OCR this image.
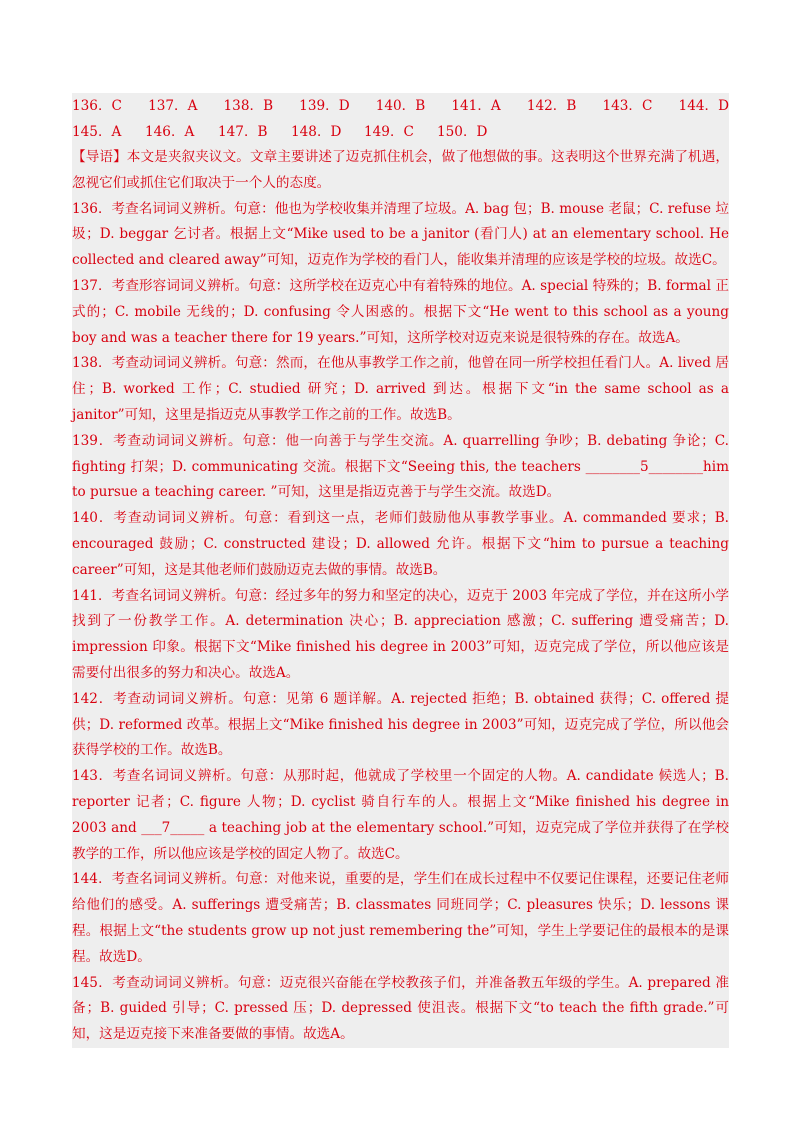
136．C 137．A 138．B 139．D 140．B 141．A 142．B 143．C 144．D
145．A	146．A	147．B	148．D	149．C	150．D

【导语】本文是夹叙夹议文。文章主要讲述了迈克抓住机会，做了他想做的事。这表明这个世界充满了机遇，忽视它们或抓住它们取决于一个人的态度。

136．考查名词词义辨析。句意：他也为学校收集并清理了垃圾。A. bag 包；B. mouse 老鼠；C. refuse 垃圾；D. beggar 乞讨者。根据上文“Mike used to be a janitor (看门人) at an elementary school. He collected and cleared away”可知，迈克作为学校的看门人，能收集并清理的应该是学校的垃圾。故选C。

137．考查形容词词义辨析。句意：这所学校在迈克心中有着特殊的地位。A. special 特殊的；B. formal 正式的；C. mobile 无线的；D. confusing 令人困惑的。根据下文“He went to this school as a young boy and was a teacher there for 19 years.”可知，这所学校对迈克来说是很特殊的存在。故选A。

138．考查动词词义辨析。句意：然而，在他从事教学工作之前，他曾在同一所学校担任看门人。A. lived 居住；B. worked 工作；C. studied 研究；D. arrived 到达。根据下文“in the same school as a janitor”可知，这里是指迈克从事教学工作之前的工作。故选B。

139．考查动词词义辨析。句意：他一向善于与学生交流。A. quarrelling 争吵；B. debating 争论；C. fighting 打架；D. communicating 交流。根据下文“Seeing this, the teachers ________5________him to pursue a teaching career. ”可知，这里是指迈克善于与学生交流。故选D。

140．考查动词词义辨析。句意：看到这一点，老师们鼓励他从事教学事业。A. commanded 要求；B. encouraged 鼓励；C. constructed 建设；D. allowed 允许。根据下文“him to pursue a teaching career”可知，这是其他老师们鼓励迈克去做的事情。故选B。

141．考查名词词义辨析。句意：经过多年的努力和坚定的决心，迈克于 2003 年完成了学位，并在这所小学找到了一份教学工作。A. determination 决心；B. appreciation 感激；C. suffering 遭受痛苦；D. impression 印象。根据下文“Mike finished his degree in 2003”可知，迈克完成了学位，所以他应该是需要付出很多的努力和决心。故选A。

142．考查动词词义辨析。句意：见第 6 题详解。A. rejected 拒绝；B. obtained 获得；C. offered 提供；D. reformed 改革。根据上文“Mike finished his degree in 2003”可知，迈克完成了学位，所以他会获得学校的工作。故选B。

143．考查名词词义辨析。句意：从那时起，他就成了学校里一个固定的人物。A. candidate 候选人；B. reporter 记者；C. figure 人物；D. cyclist 骑自行车的人。根据上文“Mike finished his degree in 2003 and ___7_____ a teaching job at the elementary school.”可知，迈克完成了学位并获得了在学校教学的工作，所以他应该是学校的固定人物了。故选C。

144．考查名词词义辨析。句意：对他来说，重要的是，学生们在成长过程中不仅要记住课程，还要记住老师给他们的感受。A. sufferings 遭受痛苦；B. classmates 同班同学；C. pleasures 快乐；D. lessons 课程。根据上文“the students grow up not just remembering the”可知，学生上学要记住的最根本的是课程。故选D。

145．考查动词词义辨析。句意：迈克很兴奋能在学校教孩子们，并准备教五年级的学生。A. prepared 准备；B. guided 引导；C. pressed 压；D. depressed 使沮丧。根据下文“to teach the fifth grade.”可知，这是迈克接下来准备要做的事情。故选A。
